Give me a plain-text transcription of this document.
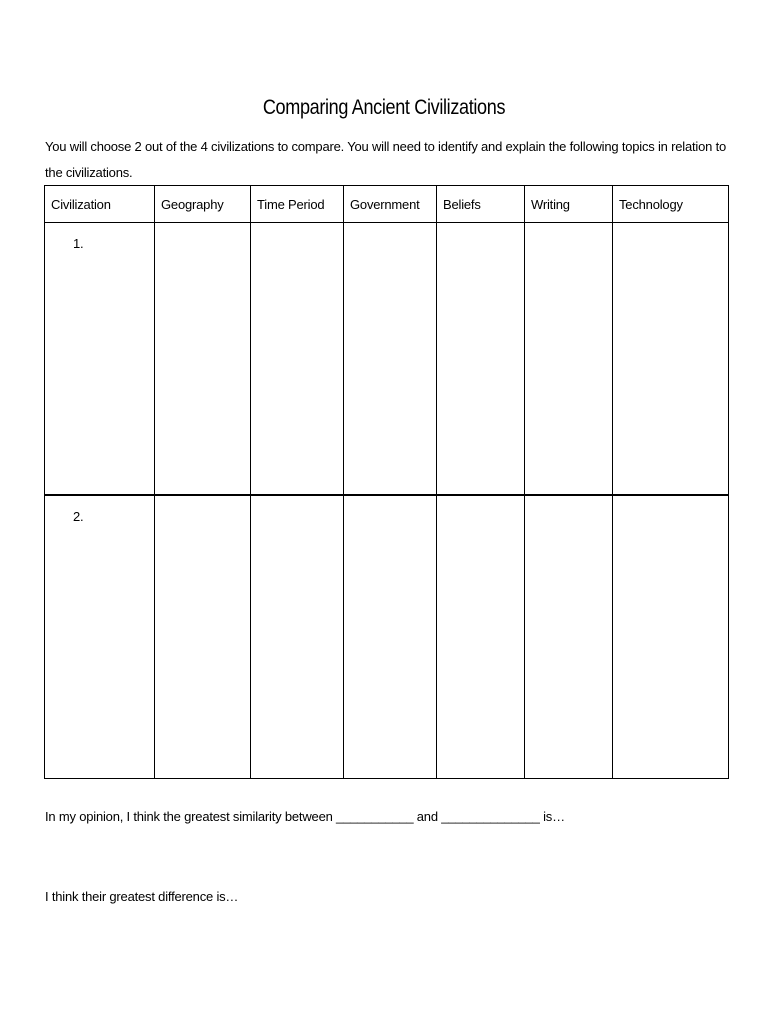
Comparing Ancient Civilizations
You will choose 2 out of the 4 civilizations to compare. You will need to identify and explain the following topics in relation to the civilizations.
Civilization	Geography	Time Period	Government	Beliefs	Writing	Technology

1.						

2.						

In my opinion, I think the greatest similarity between ___________ and ______________ is…
I think their greatest difference is…
